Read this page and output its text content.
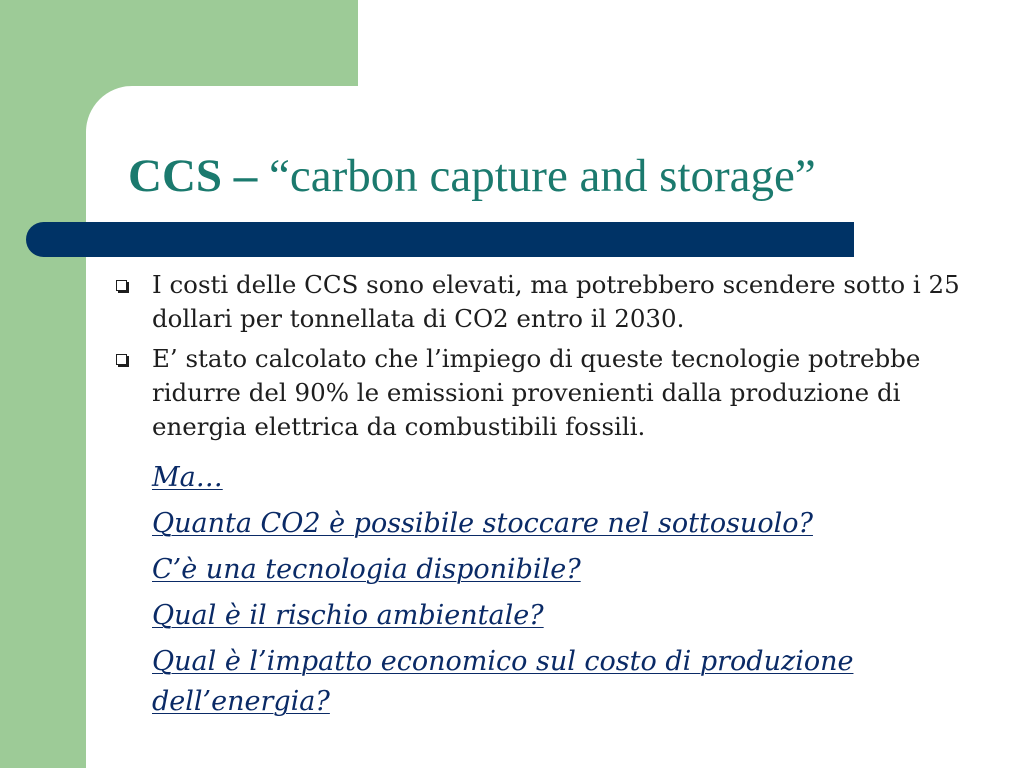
CCS – “carbon capture and storage”
I costi delle CCS sono elevati, ma potrebbero scendere sotto i 25 dollari per tonnellata di CO2 entro il 2030.
E’ stato calcolato che l’impiego di queste tecnologie potrebbe ridurre del 90% le emissioni provenienti dalla produzione di energia elettrica da combustibili fossili.
Ma…
Quanta CO2 è possibile stoccare nel sottosuolo?
C’è una tecnologia disponibile?
Qual è il rischio ambientale?
Qual è l’impatto economico sul costo di produzione dell’energia?
